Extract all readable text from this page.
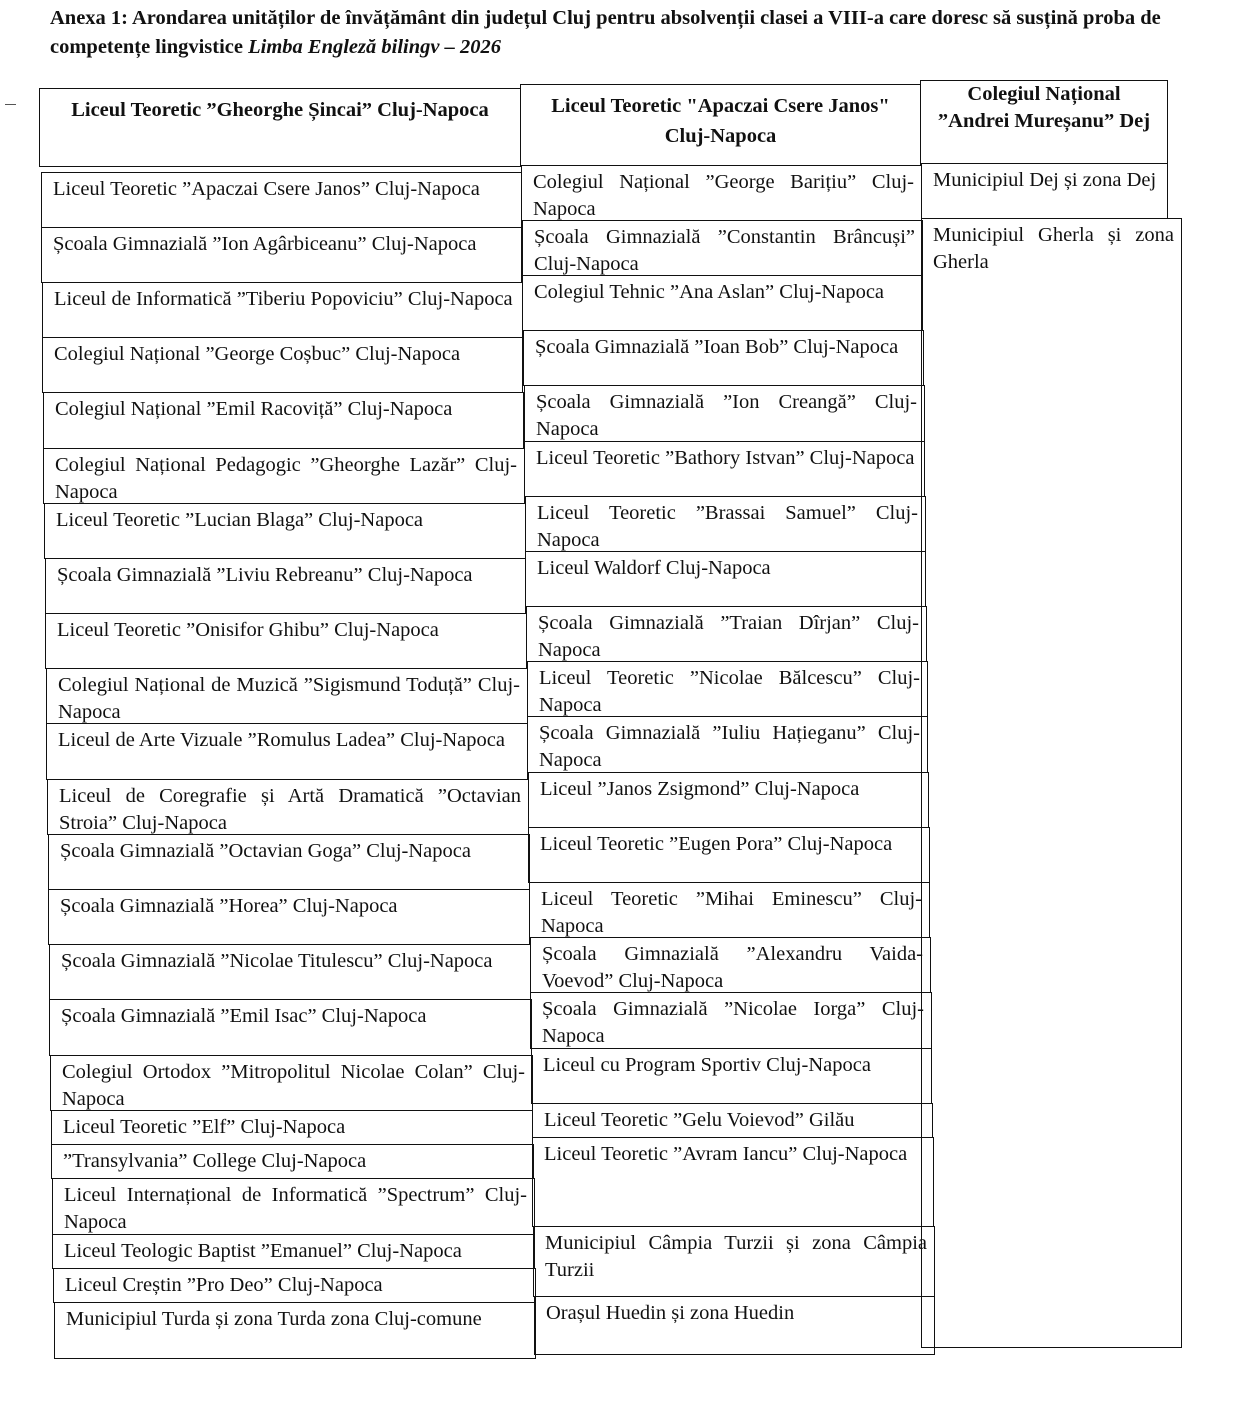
Anexa 1: Arondarea unităților de învățământ din județul Cluj pentru absolvenții clasei a VIII-a care doresc să susțină proba de competențe lingvistice Limba Engleză bilingv – 2026
Liceul Teoretic ”Gheorghe Șincai” Cluj-Napoca	Liceul Teoretic "Apaczai Csere Janos" Cluj-Napoca
Colegiul Național ”Andrei Mureșanu” Dej
Liceul Teoretic ”Apaczai Csere Janos” Cluj-Napoca
Școala Gimnazială ”Ion Agârbiceanu” Cluj-Napoca
Liceul de Informatică ”Tiberiu Popoviciu” Cluj-Napoca
Colegiul Național ”George Coșbuc” Cluj-Napoca
Colegiul Național ”Emil Racoviță” Cluj-Napoca
Colegiul Național Pedagogic ”Gheorghe Lazăr” Cluj-Napoca
Liceul Teoretic ”Lucian Blaga” Cluj-Napoca
Școala Gimnazială ”Liviu Rebreanu” Cluj-Napoca
Liceul Teoretic ”Onisifor Ghibu” Cluj-Napoca
Colegiul Național de Muzică ”Sigismund Toduță” Cluj-Napoca
Liceul de Arte Vizuale ”Romulus Ladea” Cluj-Napoca
Liceul de Coregrafie și Artă Dramatică ”Octavian Stroia” Cluj-Napoca
Școala Gimnazială ”Octavian Goga” Cluj-Napoca
Școala Gimnazială ”Horea” Cluj-Napoca
Școala Gimnazială ”Nicolae Titulescu” Cluj-Napoca
Școala Gimnazială ”Emil Isac” Cluj-Napoca
Colegiul Ortodox ”Mitropolitul Nicolae Colan” Cluj-Napoca
Liceul Teoretic ”Elf” Cluj-Napoca
”Transylvania” College Cluj-Napoca
Liceul Internațional de Informatică ”Spectrum” Cluj-Napoca
Liceul Teologic Baptist ”Emanuel” Cluj-Napoca
Liceul Creștin ”Pro Deo” Cluj-Napoca
Municipiul Turda și zona Turda zona Cluj-comune
Colegiul Național ”George Barițiu” Cluj-Napoca
Școala Gimnazială ”Constantin Brâncuși” Cluj-Napoca
Colegiul Tehnic ”Ana Aslan” Cluj-Napoca
Școala Gimnazială ”Ioan Bob” Cluj-Napoca
Școala Gimnazială ”Ion Creangă” Cluj-Napoca
Liceul Teoretic ”Bathory Istvan” Cluj-Napoca
Liceul Teoretic ”Brassai Samuel” Cluj-Napoca
Liceul Waldorf Cluj-Napoca
Școala Gimnazială ”Traian Dîrjan” Cluj-Napoca
Liceul Teoretic ”Nicolae Bălcescu” Cluj-Napoca
Școala Gimnazială ”Iuliu Hațieganu” Cluj-Napoca
Liceul ”Janos Zsigmond” Cluj-Napoca
Liceul Teoretic ”Eugen Pora” Cluj-Napoca
Liceul Teoretic ”Mihai Eminescu” Cluj-Napoca
Școala Gimnazială ”Alexandru Vaida-Voevod” Cluj-Napoca
Școala Gimnazială ”Nicolae Iorga” Cluj-Napoca
Liceul cu Program Sportiv Cluj-Napoca
Liceul Teoretic ”Gelu Voievod” Gilău
Liceul Teoretic ”Avram Iancu” Cluj-Napoca
Municipiul Câmpia Turzii și zona Câmpia Turzii
Orașul Huedin și zona Huedin
Municipiul Dej și zona Dej
Municipiul Gherla și zona Gherla
